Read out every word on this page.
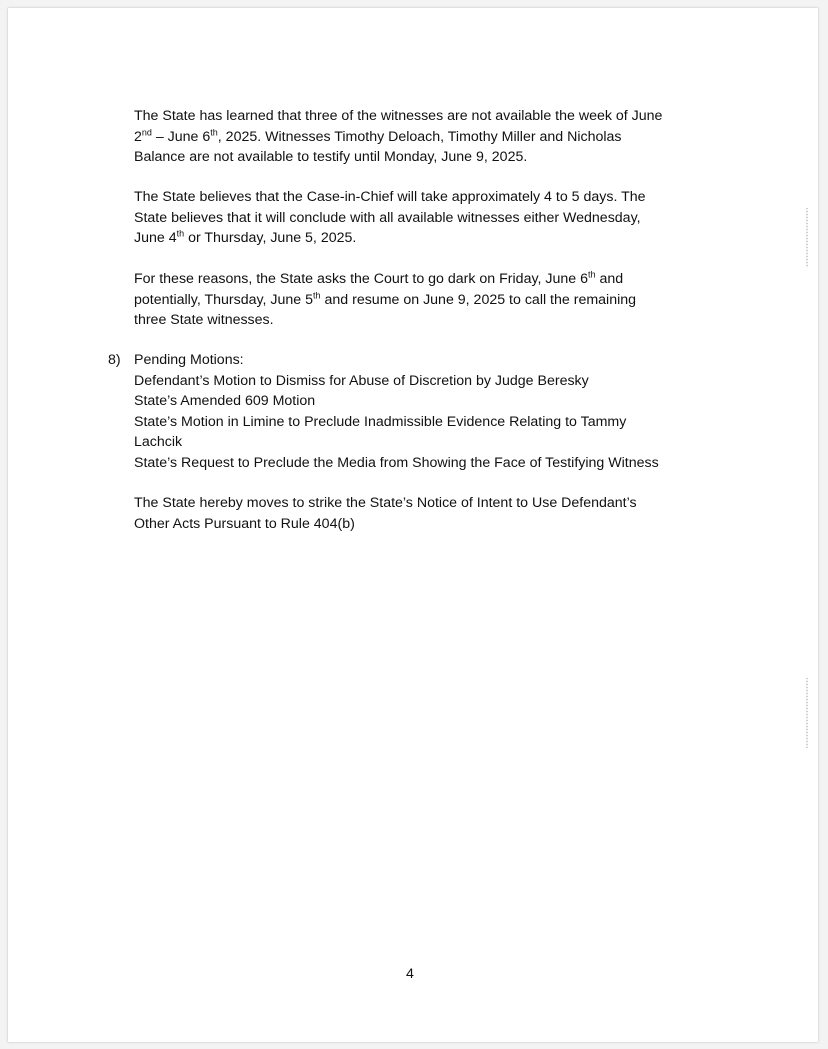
The State has learned that three of the witnesses are not available the week of June
2nd – June 6th, 2025. Witnesses Timothy Deloach, Timothy Miller and Nicholas
Balance are not available to testify until Monday, June 9, 2025.

The State believes that the Case-in-Chief will take approximately 4 to 5 days. The
State believes that it will conclude with all available witnesses either Wednesday,
June 4th or Thursday, June 5, 2025.

For these reasons, the State asks the Court to go dark on Friday, June 6th and
potentially, Thursday, June 5th and resume on June 9, 2025 to call the remaining
three State witnesses.

8) Pending Motions:
Defendant’s Motion to Dismiss for Abuse of Discretion by Judge Beresky
State’s Amended 609 Motion
State’s Motion in Limine to Preclude Inadmissible Evidence Relating to Tammy
Lachcik
State’s Request to Preclude the Media from Showing the Face of Testifying Witness

The State hereby moves to strike the State’s Notice of Intent to Use Defendant’s
Other Acts Pursuant to Rule 404(b)

4
